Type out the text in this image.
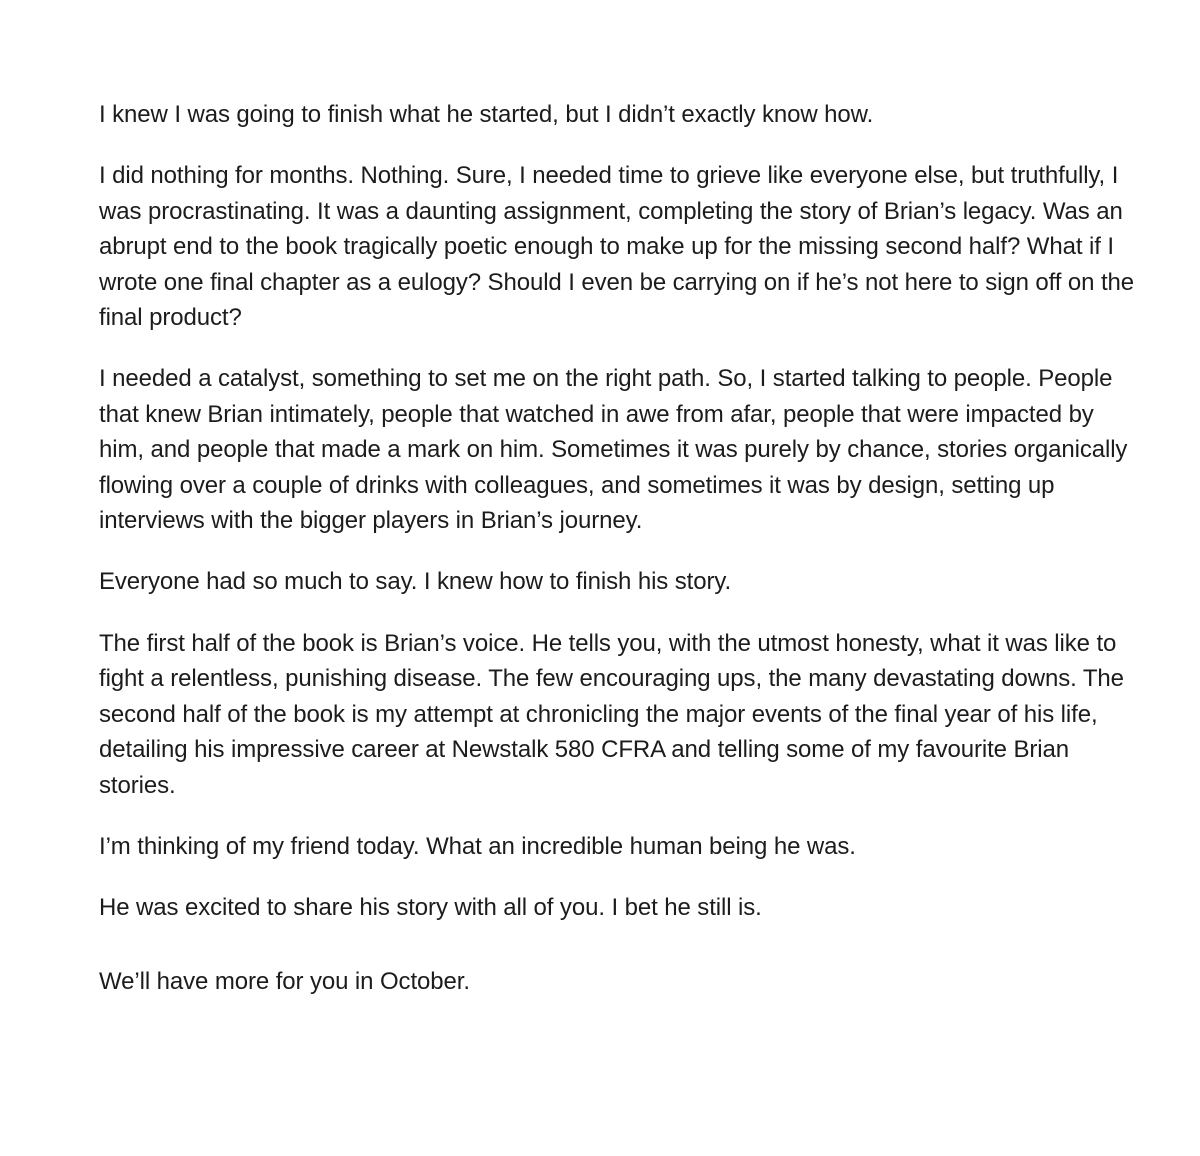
I knew I was going to finish what he started, but I didn’t exactly know how.

I did nothing for months. Nothing. Sure, I needed time to grieve like everyone else, but truthfully, I was procrastinating. It was a daunting assignment, completing the story of Brian’s legacy. Was an abrupt end to the book tragically poetic enough to make up for the missing second half? What if I wrote one final chapter as a eulogy? Should I even be carrying on if he’s not here to sign off on the final product?

I needed a catalyst, something to set me on the right path. So, I started talking to people. People that knew Brian intimately, people that watched in awe from afar, people that were impacted by him, and people that made a mark on him. Sometimes it was purely by chance, stories organically flowing over a couple of drinks with colleagues, and sometimes it was by design, setting up interviews with the bigger players in Brian’s journey.

Everyone had so much to say. I knew how to finish his story.

The first half of the book is Brian’s voice. He tells you, with the utmost honesty, what it was like to fight a relentless, punishing disease. The few encouraging ups, the many devastating downs. The second half of the book is my attempt at chronicling the major events of the final year of his life, detailing his impressive career at Newstalk 580 CFRA and telling some of my favourite Brian stories.

I’m thinking of my friend today. What an incredible human being he was.

He was excited to share his story with all of you. I bet he still is.

We’ll have more for you in October.
